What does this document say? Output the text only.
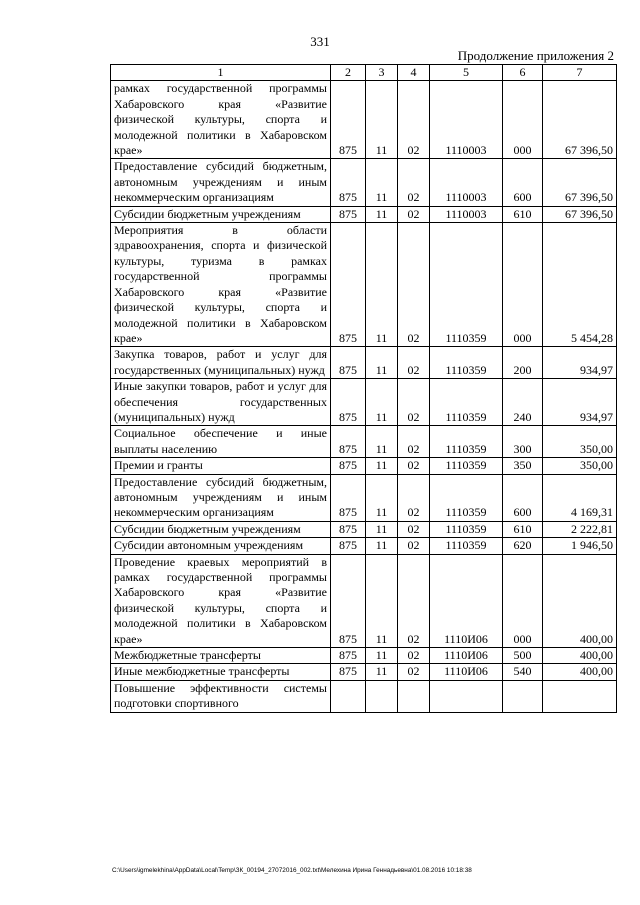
331
Продолжение приложения 2
1	2	3	4	5	6	7
рамках государственной программы Хабаровского края «Развитие физической культуры, спорта и молодежной политики в Хабаровском крае»	875	11	02	1110003	000	67 396,50
Предоставление субсидий бюджетным, автономным учреждениям и иным некоммерческим организациям	875	11	02	1110003	600	67 396,50
Субсидии бюджетным учреждениям	875	11	02	1110003	610	67 396,50
Мероприятия в области здравоохранения, спорта и физической культуры, туризма в рамках государственной программы Хабаровского края «Развитие физической культуры, спорта и молодежной политики в Хабаровском крае»	875	11	02	1110359	000	5 454,28
Закупка товаров, работ и услуг для государственных (муниципальных) нужд	875	11	02	1110359	200	934,97
Иные закупки товаров, работ и услуг для обеспечения государственных (муниципальных) нужд	875	11	02	1110359	240	934,97
Социальное обеспечение и иные выплаты населению	875	11	02	1110359	300	350,00
Премии и гранты	875	11	02	1110359	350	350,00
Предоставление субсидий бюджетным, автономным учреждениям и иным некоммерческим организациям	875	11	02	1110359	600	4 169,31
Субсидии бюджетным учреждениям	875	11	02	1110359	610	2 222,81
Субсидии автономным учреждениям	875	11	02	1110359	620	1 946,50
Проведение краевых мероприятий в рамках государственной программы Хабаровского края «Развитие физической культуры, спорта и молодежной политики в Хабаровском крае»	875	11	02	1110И06	000	400,00
Межбюджетные трансферты	875	11	02	1110И06	500	400,00
Иные межбюджетные трансферты	875	11	02	1110И06	540	400,00
Повышение эффективности системы подготовки спортивного						
C:\Users\igmelekhina\AppData\Local\Temp\ЗК_00194_27072016_002.txt\Мелехина Ирина Геннадьевна\01.08.2016 10:18:38
